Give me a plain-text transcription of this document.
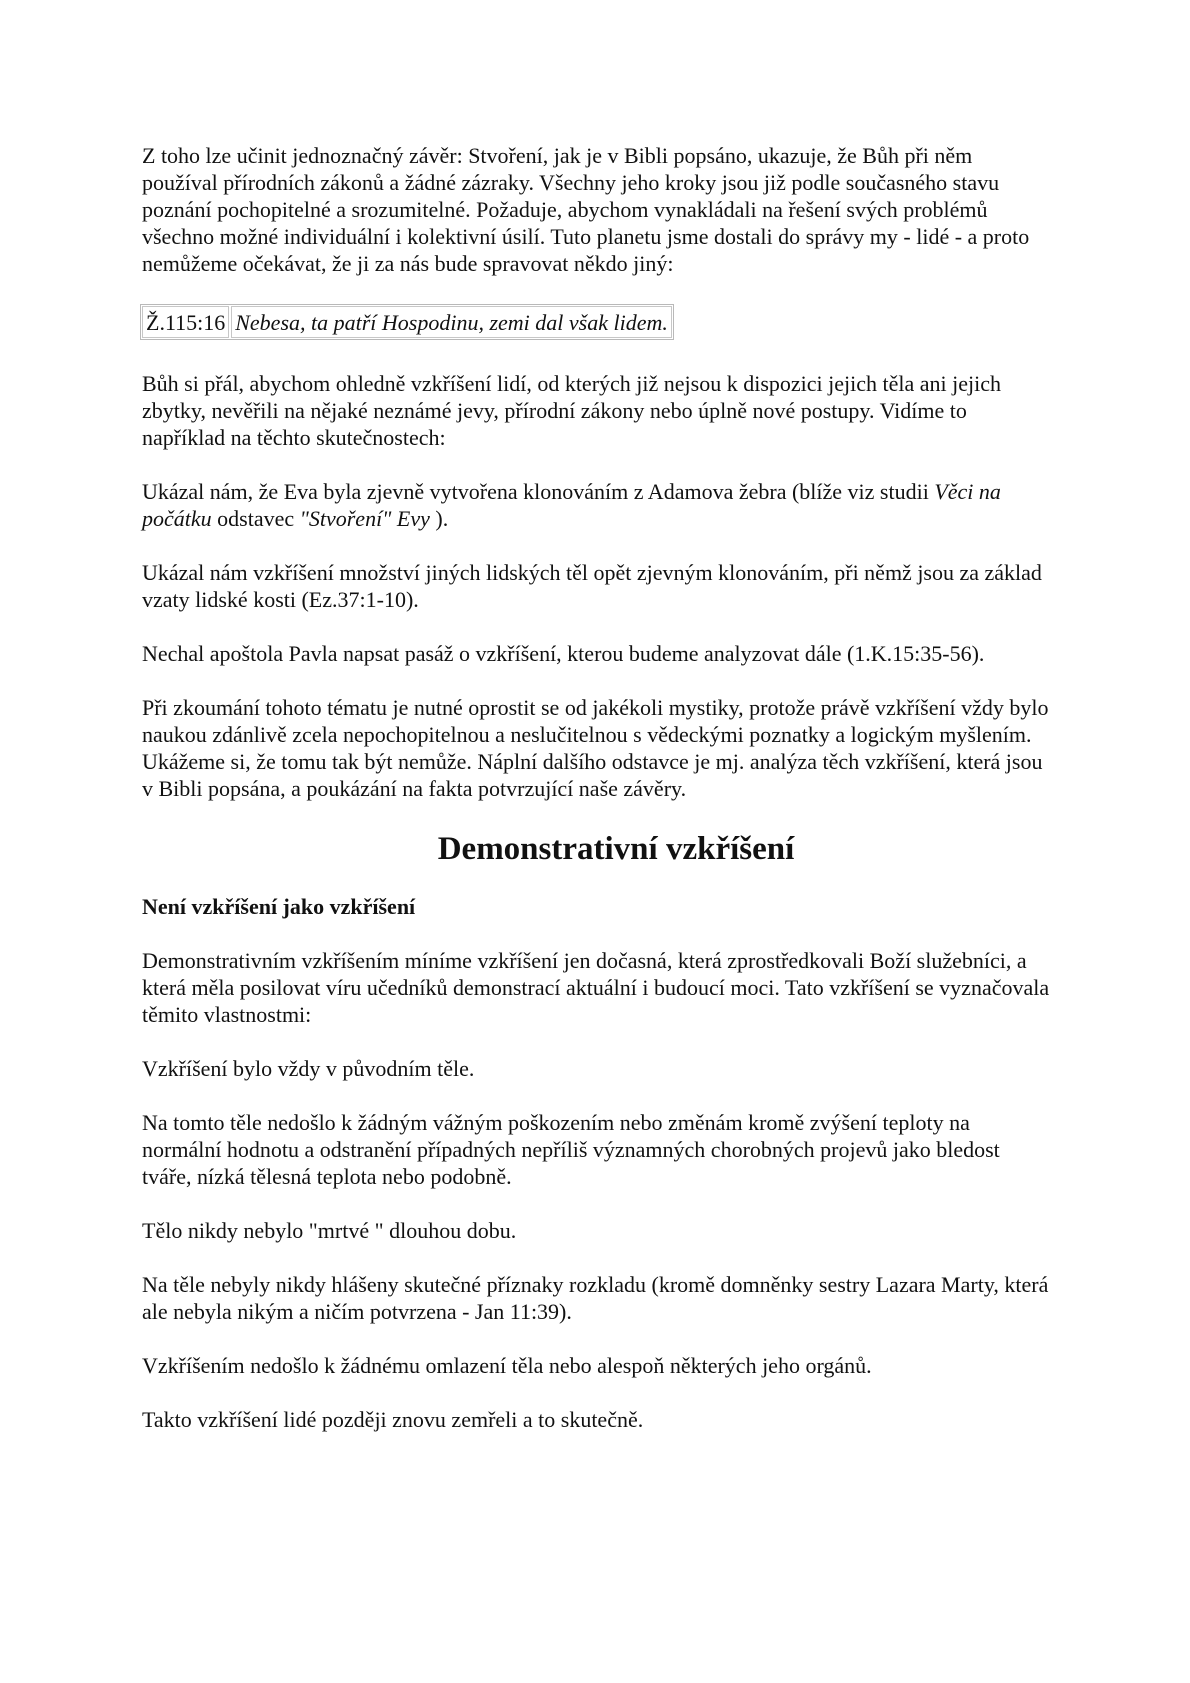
Z toho lze učinit jednoznačný závěr: Stvoření, jak je v Bibli popsáno, ukazuje, že Bůh při něm používal přírodních zákonů a žádné zázraky. Všechny jeho kroky jsou již podle současného stavu poznání pochopitelné a srozumitelné. Požaduje, abychom vynakládali na řešení svých problémů všechno možné individuální i kolektivní úsilí. Tuto planetu jsme dostali do správy my - lidé - a proto nemůžeme očekávat, že ji za nás bude spravovat někdo jiný:

Ž.115:16 Nebesa, ta patří Hospodinu, zemi dal však lidem.

Bůh si přál, abychom ohledně vzkříšení lidí, od kterých již nejsou k dispozici jejich těla ani jejich zbytky, nevěřili na nějaké neznámé jevy, přírodní zákony nebo úplně nové postupy. Vidíme to například na těchto skutečnostech:

Ukázal nám, že Eva byla zjevně vytvořena klonováním z Adamova žebra (blíže viz studii Věci na počátku odstavec "Stvoření" Evy ).

Ukázal nám vzkříšení množství jiných lidských těl opět zjevným klonováním, při němž jsou za základ vzaty lidské kosti (Ez.37:1-10).

Nechal apoštola Pavla napsat pasáž o vzkříšení, kterou budeme analyzovat dále (1.K.15:35-56).

Při zkoumání tohoto tématu je nutné oprostit se od jakékoli mystiky, protože právě vzkříšení vždy bylo naukou zdánlivě zcela nepochopitelnou a neslučitelnou s vědeckými poznatky a logickým myšlením. Ukážeme si, že tomu tak být nemůže. Náplní dalšího odstavce je mj. analýza těch vzkříšení, která jsou v Bibli popsána, a poukázání na fakta potvrzující naše závěry.

Demonstrativní vzkříšení
Není vzkříšení jako vzkříšení

Demonstrativním vzkříšením míníme vzkříšení jen dočasná, která zprostředkovali Boží služebníci, a která měla posilovat víru učedníků demonstrací aktuální i budoucí moci. Tato vzkříšení se vyznačovala těmito vlastnostmi:

Vzkříšení bylo vždy v původním těle.

Na tomto těle nedošlo k žádným vážným poškozením nebo změnám kromě zvýšení teploty na normální hodnotu a odstranění případných nepříliš významných chorobných projevů jako bledost tváře, nízká tělesná teplota nebo podobně.

Tělo nikdy nebylo "mrtvé " dlouhou dobu.

Na těle nebyly nikdy hlášeny skutečné příznaky rozkladu (kromě domněnky sestry Lazara Marty, která ale nebyla nikým a ničím potvrzena - Jan 11:39).

Vzkříšením nedošlo k žádnému omlazení těla nebo alespoň některých jeho orgánů.

Takto vzkříšení lidé později znovu zemřeli a to skutečně.
